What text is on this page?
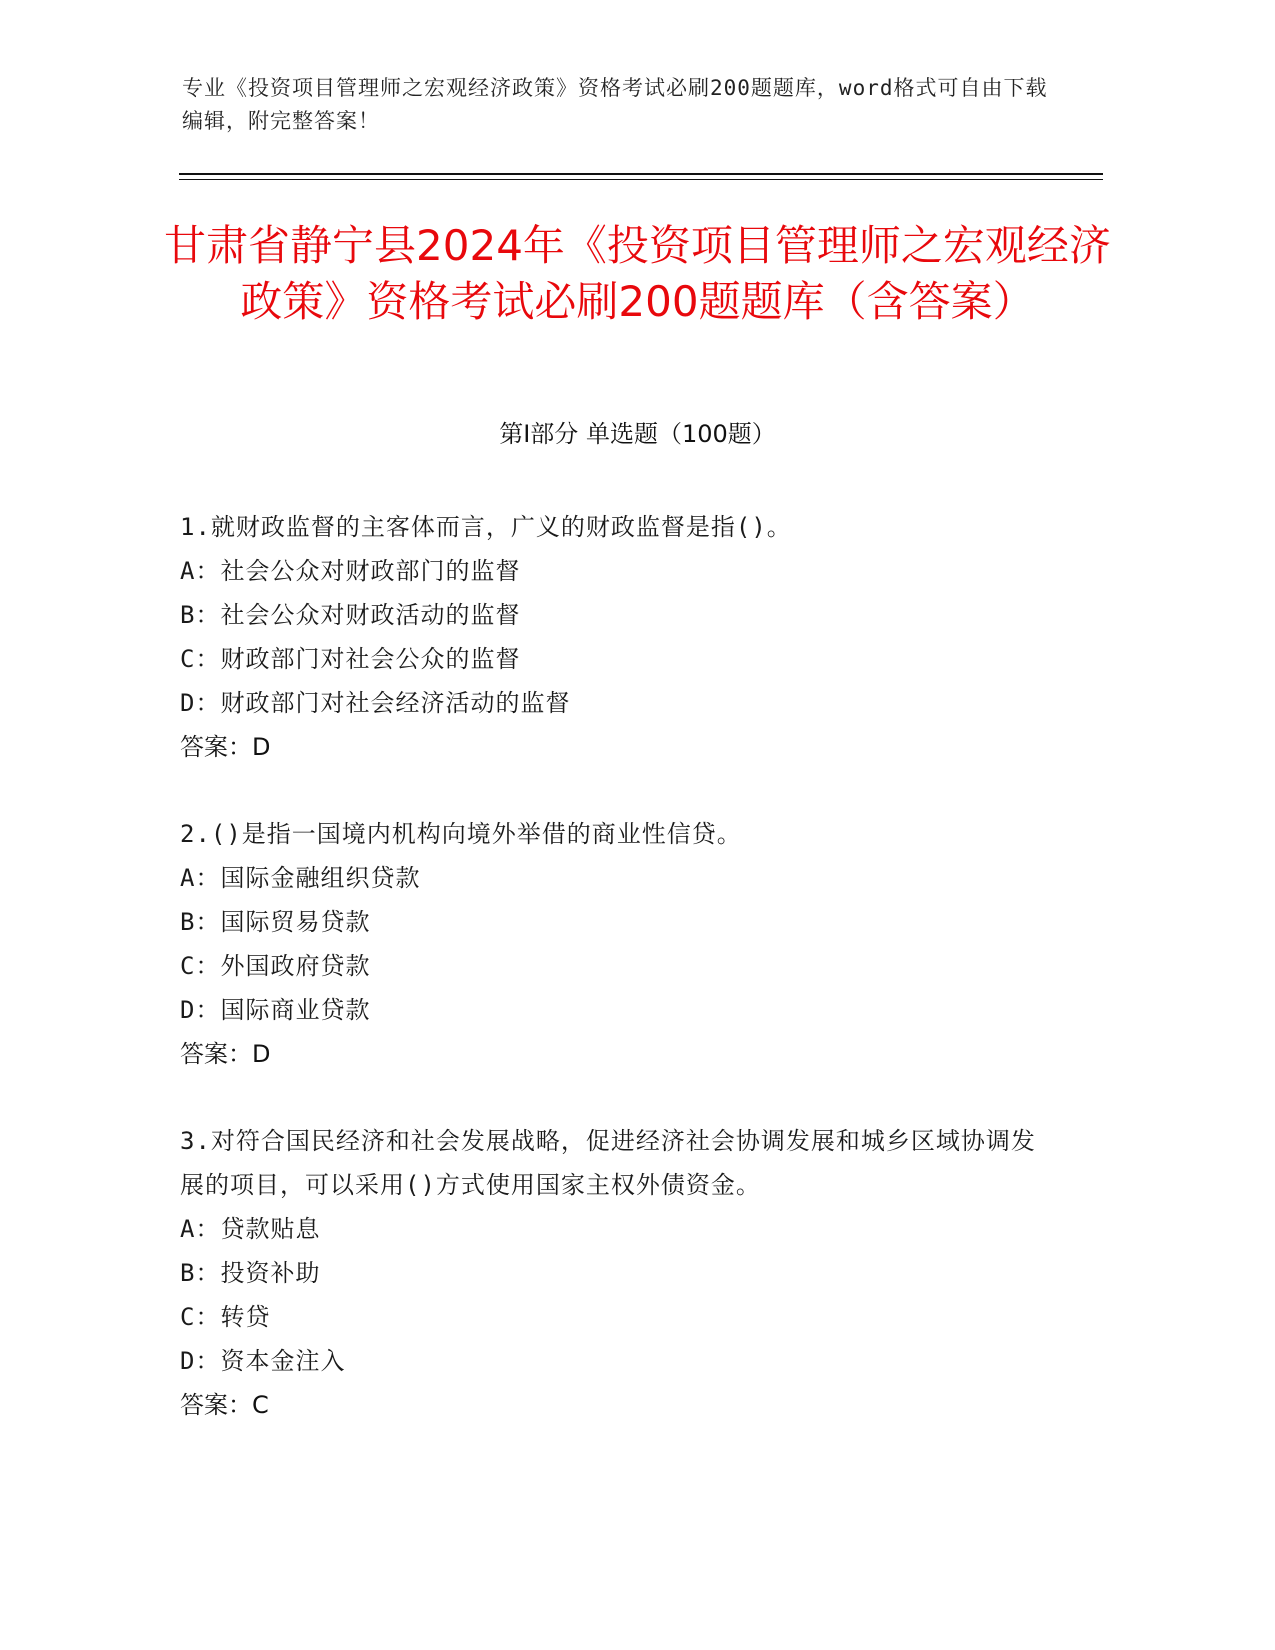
专业《投资项目管理师之宏观经济政策》资格考试必刷200题题库，word格式可自由下载编辑，附完整答案！
甘肃省静宁县2024年《投资项目管理师之宏观经济政策》资格考试必刷200题题库（含答案）
第Ⅰ部分 单选题（100题）

1.就财政监督的主客体而言，广义的财政监督是指()。

A：社会公众对财政部门的监督

B：社会公众对财政活动的监督

C：财政部门对社会公众的监督

D：财政部门对社会经济活动的监督

答案：D

2.()是指一国境内机构向境外举借的商业性信贷。

A：国际金融组织贷款

B：国际贸易贷款

C：外国政府贷款

D：国际商业贷款

答案：D

3.对符合国民经济和社会发展战略，促进经济社会协调发展和城乡区域协调发展的项目，可以采用()方式使用国家主权外债资金。

A：贷款贴息

B：投资补助

C：转贷

D：资本金注入

答案：C
